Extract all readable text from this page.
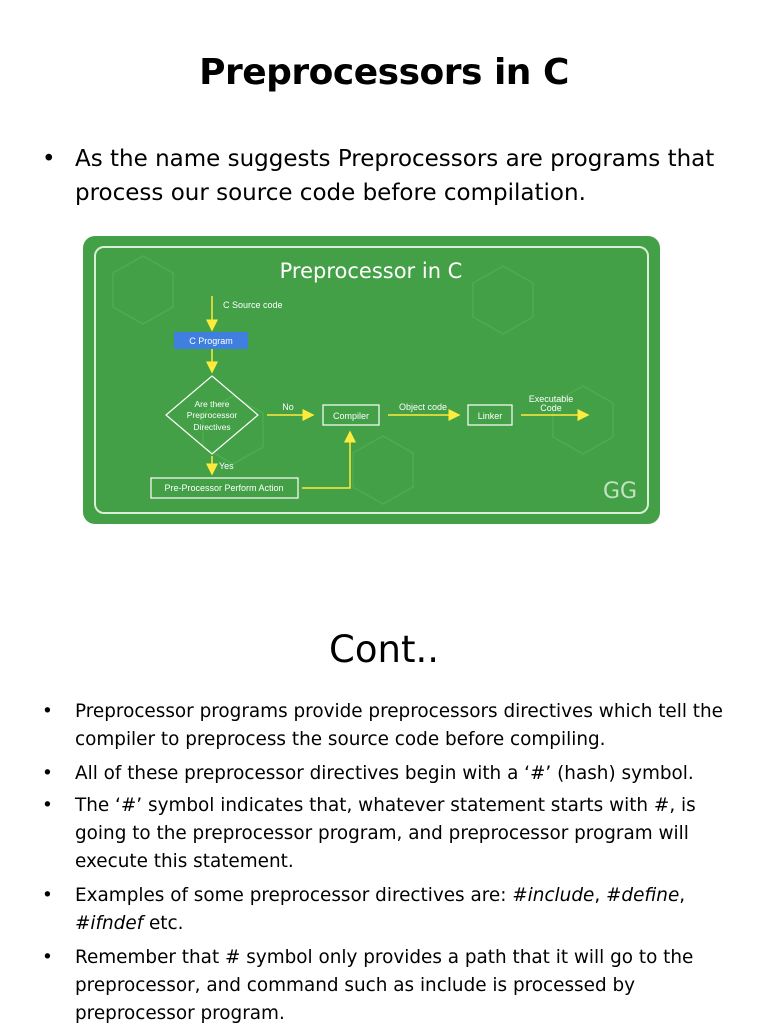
Preprocessors in C
• As the name suggests Preprocessors are programs that process our source code before compilation.
Preprocessor in C
C Source code
C Program
Are there
Preprocessor
Directives
No
Compiler
Object code
Linker
Executable
Code
Yes
Pre-Processor Perform Action	GG
Cont..
• Preprocessor programs provide preprocessors directives which tell the compiler to preprocess the source code before compiling.
• All of these preprocessor directives begin with a ‘#’ (hash) symbol.
• The ‘#’ symbol indicates that, whatever statement starts with #, is going to the preprocessor program, and preprocessor program will execute this statement.
• Examples of some preprocessor directives are: #include, #define, #ifndef etc.
• Remember that # symbol only provides a path that it will go to the preprocessor, and command such as include is processed by preprocessor program.
